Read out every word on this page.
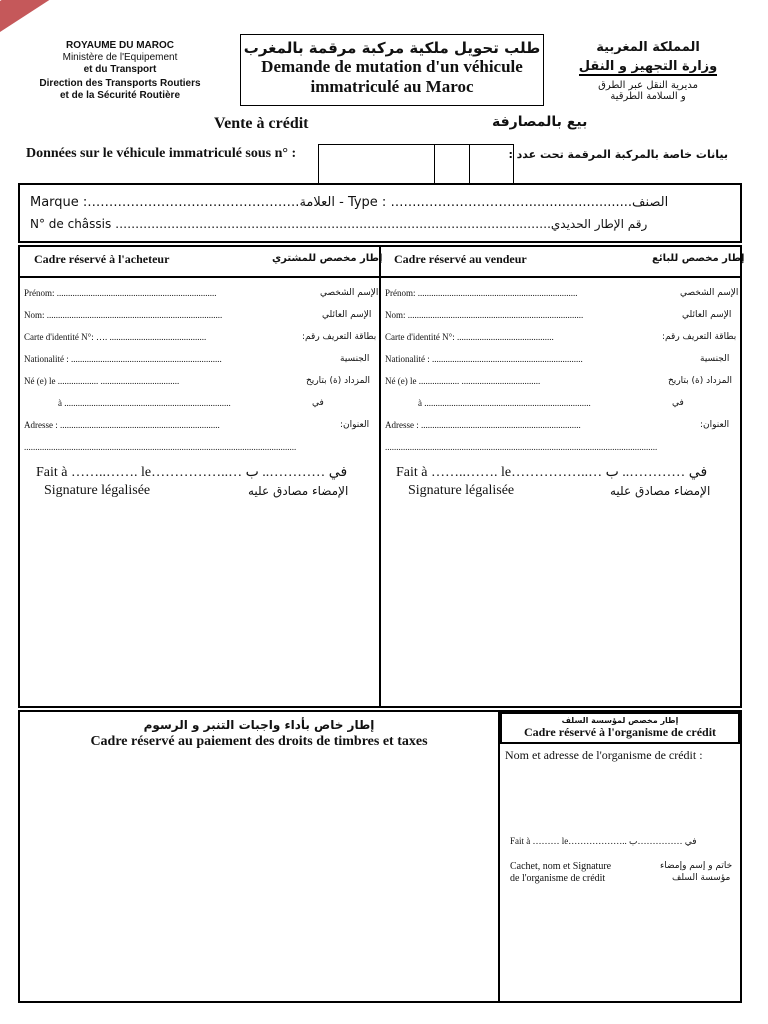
ROYAUME DU MAROC
Ministère de l'Equipement
et du Transport
Direction des Transports Routiers
et de la Sécurité Routière
المملكة المغربية
وزارة التجهيز و النقل
مديرية النقل عبر الطرق
و السلامة الطرقية
طلب تحويل ملكية مركبة مرقمة بالمغرب
Demande de mutation d'un véhicule
immatriculé au Maroc
Vente à crédit	بيع بالمصارفة
Données sur le véhicule immatriculé sous n° :	بيانات خاصة بالمركبة المرقمة تحت عدد :
Marque :………………………………………….العلامة - Type : ……..…………………….........................الصنف
N° de châssis ……………………………………………………………………………………………….رقم الإطار الحديدي
Cadre réservé à l'acheteur	إطار مخصص للمشتري
Prénom: .......................................................................	الإسم الشخصي
Nom: ..............................................................................	الإسم العائلي
Carte d'identité N°: …. ...........................................	بطاقة التعريف رقم:
Nationalité : ...................................................................	الجنسية
Né (e) le .................. ...................................	المزداد (ة) بتاريخ
à ..........................................................................	في
Adresse : .......................................................................	العنوان:
.........................................................................................................................
Fait à ……..……. le……………..… في ………….. ب
Signature légalisée	الإمضاء مصادق عليه
Cadre réservé au vendeur	إطار مخصص للبائع
Prénom: .......................................................................	الإسم الشخصي
Nom: ..............................................................................	الإسم العائلي
Carte d'identité N°: ...........................................	بطاقة التعريف رقم:
Nationalité : ...................................................................	الجنسية
Né (e) le .................. ...................................	المزداد (ة) بتاريخ
à ..........................................................................	في
Adresse : .......................................................................	العنوان:
.........................................................................................................................
Fait à ……..……. le……………..… في ………….. ب
Signature légalisée	الإمضاء مصادق عليه
إطار خاص بأداء واجبات التنبر و الرسوم
Cadre réservé au paiement des droits de timbres et taxes
إطار مخصص لمؤسسة السلف
Cadre réservé à l'organisme de crédit
Nom et adresse de l'organisme de crédit :
Fait à ……… le……………….. في ……………ب
Cachet, nom et Signature
de l'organisme de crédit
خاتم و إسم وإمضاء
مؤسسة السلف
